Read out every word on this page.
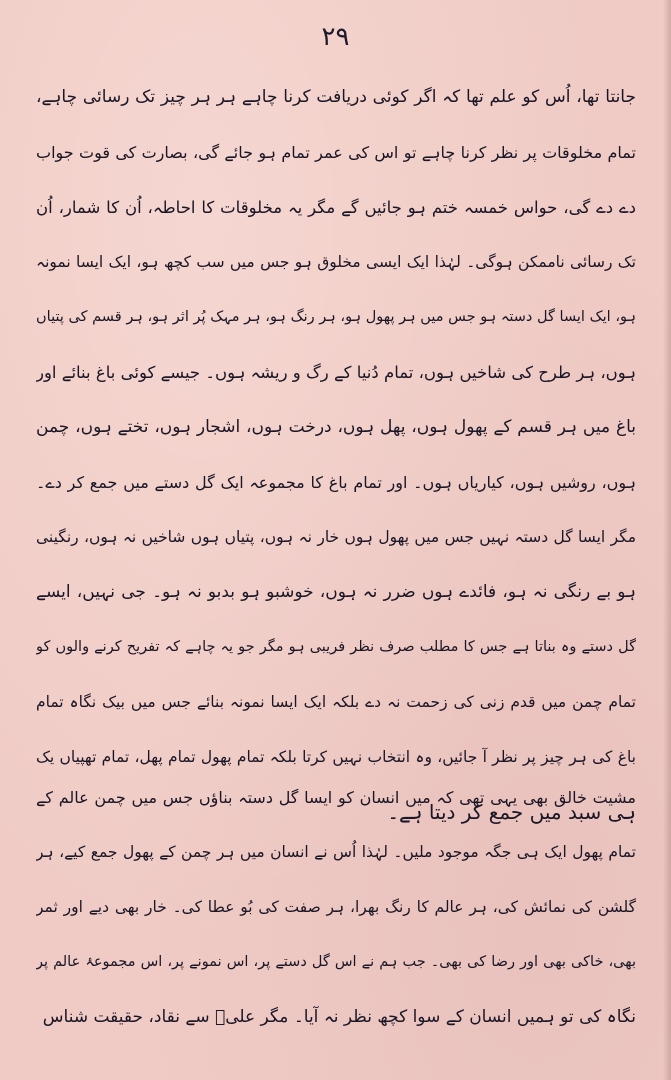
۲۹
جانتا تھا، اُس کو علم تھا کہ اگر کوئی دریافت کرنا چاہے ہر ہر چیز تک رسائی چاہے،
تمام مخلوقات پر نظر کرنا چاہے تو اس کی عمر تمام ہو جائے گی، بصارت کی قوت جواب
دے دے گی، حواس خمسہ ختم ہو جائیں گے مگر یہ مخلوقات کا احاطہ، اُن کا شمار، اُن
تک رسائی ناممکن ہوگی۔ لہٰذا ایک ایسی مخلوق ہو جس میں سب کچھ ہو، ایک ایسا نمونہ
ہو، ایک ایسا گل دستہ ہو جس میں ہر پھول ہو، ہر رنگ ہو، ہر مہک پُر اثر ہو، ہر قسم کی پتیاں
ہوں، ہر طرح کی شاخیں ہوں، تمام دُنیا کے رگ و ریشہ ہوں۔ جیسے کوئی باغ بنائے اور
باغ میں ہر قسم کے پھول ہوں، پھل ہوں، درخت ہوں، اشجار ہوں، تختے ہوں، چمن
ہوں، روشیں ہوں، کیاریاں ہوں۔ اور تمام باغ کا مجموعہ ایک گل دستے میں جمع کر دے۔
مگر ایسا گل دستہ نہیں جس میں پھول ہوں خار نہ ہوں، پتیاں ہوں شاخیں نہ ہوں، رنگینی
ہو بے رنگی نہ ہو، فائدے ہوں ضرر نہ ہوں، خوشبو ہو بدبو نہ ہو۔ جی نہیں، ایسے
گل دستے وہ بناتا ہے جس کا مطلب صرف نظر فریبی ہو مگر جو یہ چاہے کہ تفریح کرنے والوں کو
تمام چمن میں قدم زنی کی زحمت نہ دے بلکہ ایک ایسا نمونہ بنائے جس میں بیک نگاہ تمام
باغ کی ہر چیز پر نظر آ جائیں، وہ انتخاب نہیں کرتا بلکہ تمام پھول تمام پھل، تمام تھپیاں یک
ہی سبد میں جمع کر دیتا ہے۔
مشیت خالق بھی یہی تھی کہ میں انسان کو ایسا گل دستہ بناؤں جس میں چمن عالم کے
تمام پھول ایک ہی جگہ موجود ملیں۔ لہٰذا اُس نے انسان میں ہر چمن کے پھول جمع کیے، ہر
گلشن کی نمائش کی، ہر عالم کا رنگ بھرا، ہر صفت کی بُو عطا کی۔ خار بھی دیے اور ثمر
بھی، خاکی بھی اور رضا کی بھی۔ جب ہم نے اس گل دستے پر، اس نمونے پر، اس مجموعۂ عالم پر
نگاہ کی تو ہمیں انسان کے سوا کچھ نظر نہ آیا۔ مگر علیؑ سے نقاد، حقیقت شناس
